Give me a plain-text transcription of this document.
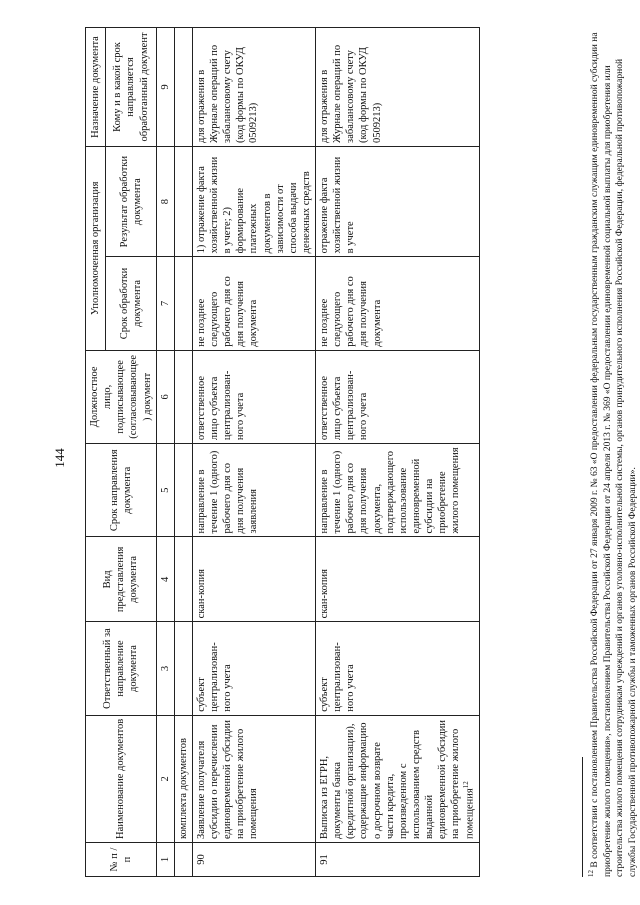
144
№ п / п	Наименование документов	Ответственный за направление документа	Вид представления документа	Срок направления документа	Должностное лицо, подписывающее (согласовывающее) документ	Уполномоченная организация		Назначение документа
						Срок обработки документа	Результат обработки документа	Кому и в какой срок направляется обработанный документ
1	2	3	4	5	6	7	8	9
	комплекта документов							
90	Заявление получателя субсидии о перечислении единовременной субсидии на приобретение жилого помещения	субъект централизован-ного учета	скан-копия	направление в течение 1 (одного) рабочего дня со дня получения заявления	ответственное лицо субъекта централизован-ного учета	не позднее следующего рабочего дня со дня получения документа	1) отражение факта хозяйственной жизни в учете; 2) формирование платежных документов в зависимости от способа выдачи денежных средств	для отражения в Журнале операций по забалансовому счету (код формы по ОКУД 0509213)
91	Выписка из ЕГРН, документы банка (кредитной организации), содержащие информацию о досрочном возврате части кредита, произведенном с использованием средств выданной единовременной субсидии на приобретение жилого помещения$^{12}$	субъект централизован-ного учета	скан-копия	направление в течение 1 (одного) рабочего дня со дня получения документа, подтверждающего использование единовременной субсидии на приобретение жилого помещения	ответственное лицо субъекта централизован-ного учета	не позднее следующего рабочего дня со дня получения документа	отражение факта хозяйственной жизни в учете	для отражения в Журнале операций по забалансовому счету (код формы по ОКУД 0509213)
$^{12}$ В соответствии с постановлением Правительства Российской Федерации от 27 января 2009 г. № 63 «О предоставлении федеральным государственным гражданским служащим единовременной субсидии на приобретение жилого помещения», постановлением Правительства Российской Федерации от 24 апреля 2013 г. № 369 «О предоставлении единовременной социальной выплаты для приобретения или строительства жилого помещения сотрудникам учреждений и органов уголовно-исполнительной системы, органов принудительного исполнения Российской Федерации, федеральной противопожарной службы Государственной противопожарной службы и таможенных органов Российской Федерации».
